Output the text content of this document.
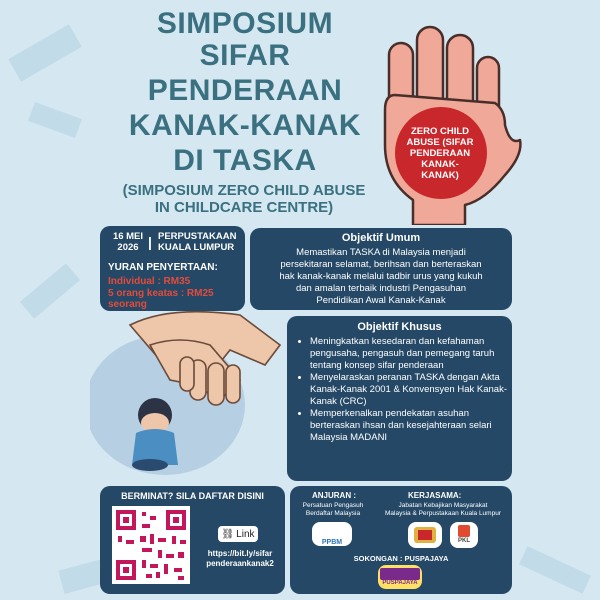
SIMPOSIUM
SIFAR
PENDERAAN
KANAK-KANAK
DI TASKA
(SIMPOSIUM ZERO CHILD ABUSE
IN CHILDCARE CENTRE)
ZERO CHILD
ABUSE (SIFAR
PENDERAAN
KANAK-
KANAK)
16 MEI
2026 | PERPUSTAKAAN
KUALA LUMPUR
YURAN PENYERTAAN:
Individual : RM35
5 orang keatas : RM25
seorang
Objektif Umum
Memastikan TASKA di Malaysia menjadi
persekitaran selamat, berihsan dan berteraskan
hak kanak-kanak melalui tadbir urus yang kukuh
dan amalan terbaik industri Pengasuhan
Pendidikan Awal Kanak-Kanak
Objektif Khusus
• Meningkatkan kesedaran dan kefahaman pengusaha, pengasuh dan pemegang taruh tentang konsep sifar penderaan
• Menyelaraskan peranan TASKA dengan Akta Kanak-Kanak 2001 & Konvensyen Hak Kanak-Kanak (CRC)
• Memperkenalkan pendekatan asuhan berteraskan ihsan dan kesejahteraan selari Malaysia MADANI
BERMINAT? SILA DAFTAR DISINI
⛓ Link
https://bit.ly/sifar
penderaankanak2
ANJURAN :
Persatuan Pengasuh
Berdaftar Malaysia
PPBM
KERJASAMA:
Jabatan Kebajikan Masyarakat
Malaysia & Perpustakaan Kuala Lumpur
PKL
SOKONGAN : PUSPAJAYA
PUSPAJAYA
